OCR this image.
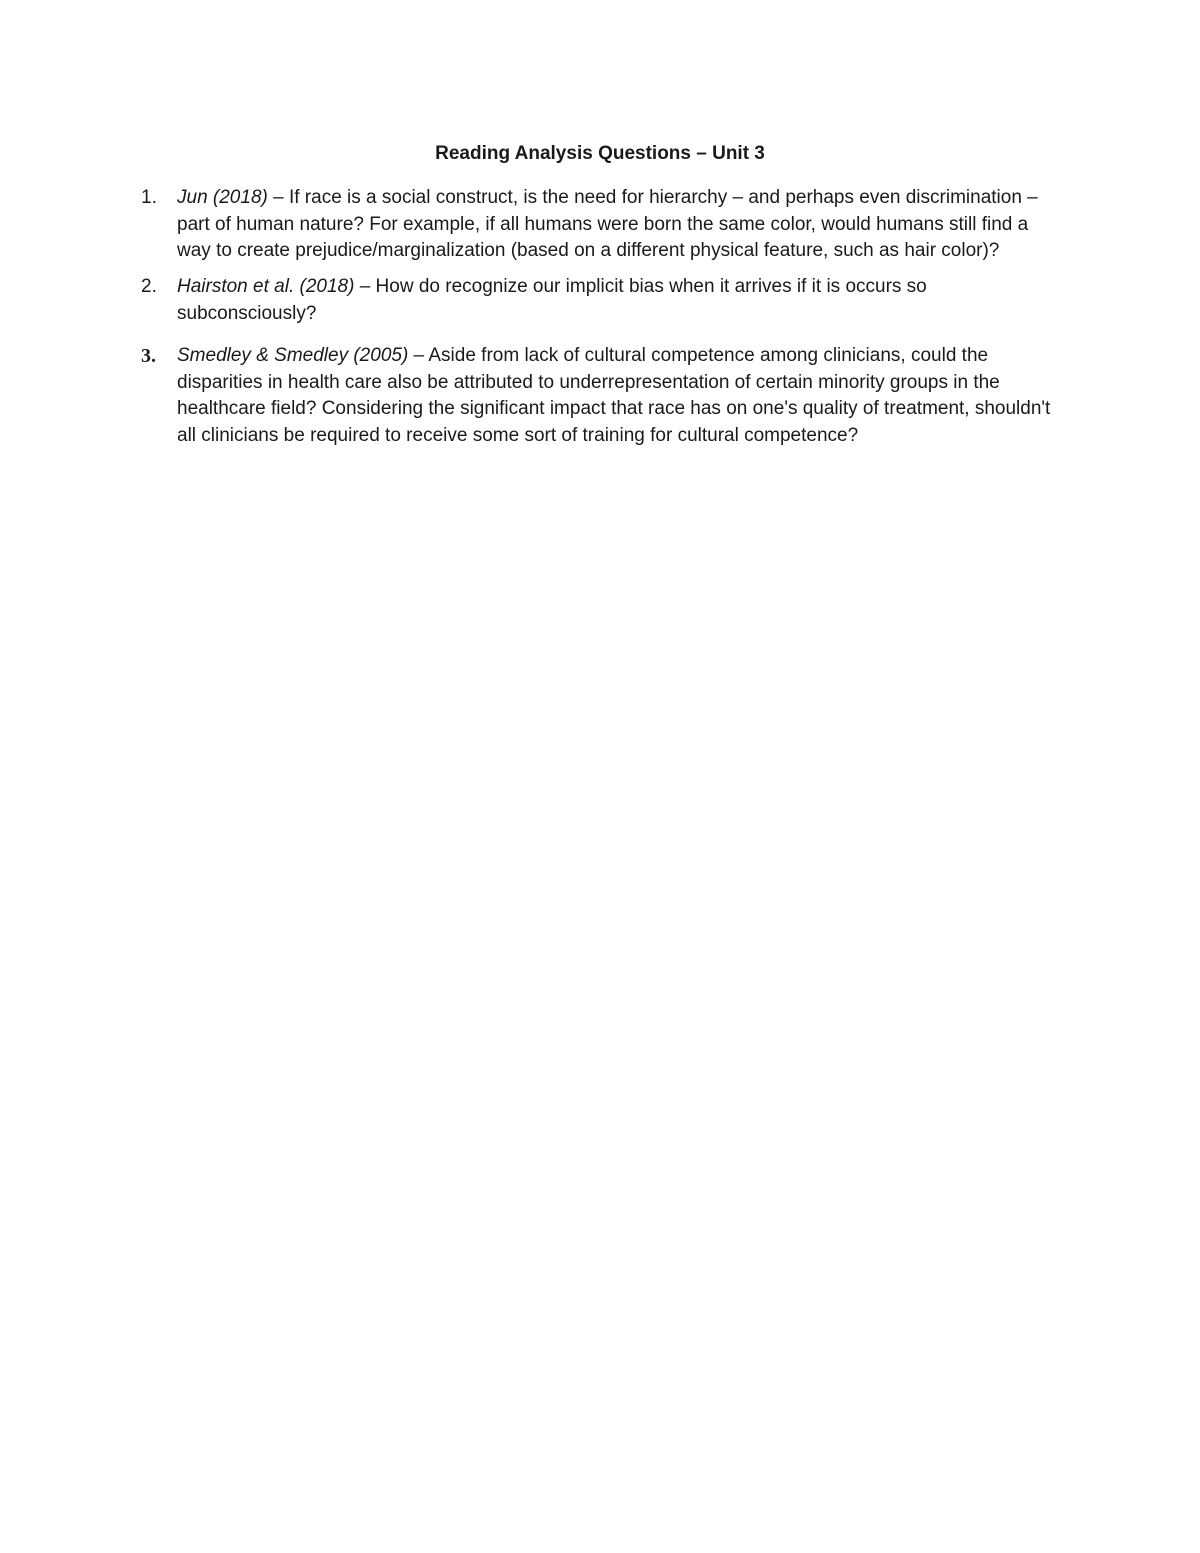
Reading Analysis Questions – Unit 3
1. Jun (2018) – If race is a social construct, is the need for hierarchy – and perhaps even discrimination – part of human nature? For example, if all humans were born the same color, would humans still find a way to create prejudice/marginalization (based on a different physical feature, such as hair color)?

2. Hairston et al. (2018) – How do recognize our implicit bias when it arrives if it is occurs so subconsciously?

3. Smedley & Smedley (2005) – Aside from lack of cultural competence among clinicians, could the disparities in health care also be attributed to underrepresentation of certain minority groups in the healthcare field? Considering the significant impact that race has on one's quality of treatment, shouldn't all clinicians be required to receive some sort of training for cultural competence?
